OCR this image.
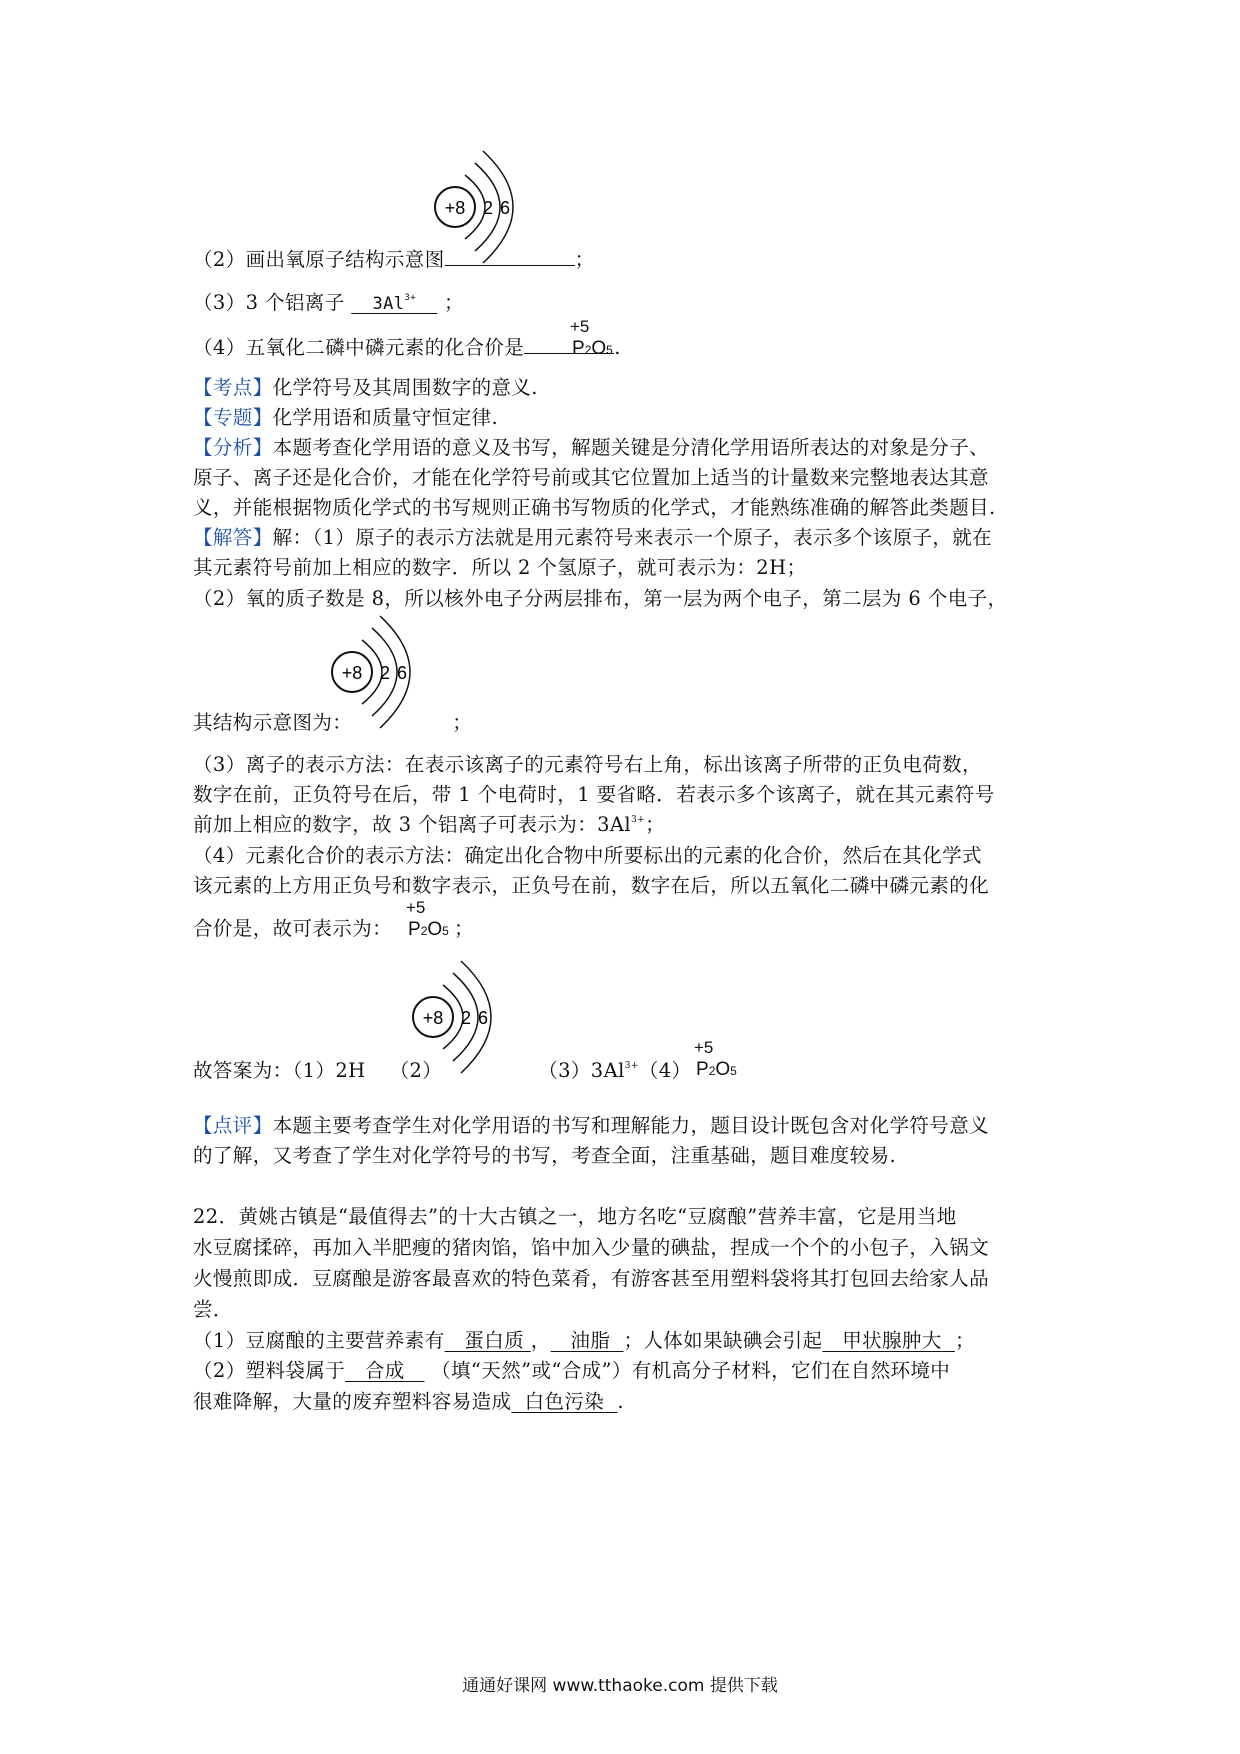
+8 2 6
（2）画出氧原子结构示意图	；
（3）3 个铝离子 $3Al^{3+}$ ；
（4）五氧化二磷中磷元素的化合价是	.
+5
P2O5
【考点】化学符号及其周围数字的意义.
【专题】化学用语和质量守恒定律.
【分析】本题考查化学用语的意义及书写，解题关键是分清化学用语所表达的对象是分子、
原子、离子还是化合价，才能在化学符号前或其它位置加上适当的计量数来完整地表达其意
义，并能根据物质化学式的书写规则正确书写物质的化学式，才能熟练准确的解答此类题目.
【解答】解：（1）原子的表示方法就是用元素符号来表示一个原子，表示多个该原子，就在
其元素符号前加上相应的数字．所以 2 个氢原子，就可表示为：2H；
（2）氧的质子数是 8，所以核外电子分两层排布，第一层为两个电子，第二层为 6 个电子，
+8 2 6
其结构示意图为：	；
（3）离子的表示方法：在表示该离子的元素符号右上角，标出该离子所带的正负电荷数，
数字在前，正负符号在后，带 1 个电荷时，1 要省略．若表示多个该离子，就在其元素符号
前加上相应的数字，故 3 个铝离子可表示为：$3Al^{3+}$；
（4）元素化合价的表示方法：确定出化合物中所要标出的元素的化合价，然后在其化学式
该元素的上方用正负号和数字表示，正负号在前，数字在后，所以五氧化二磷中磷元素的化
合价是，故可表示为：	；
+5
P2O5
+8 2 6
故答案为：（1）2H （2）	$(3)3Al^{3+}(4)$
+5
P2O5
【点评】本题主要考查学生对化学用语的书写和理解能力，题目设计既包含对化学符号意义
的了解，又考查了学生对化学符号的书写，考查全面，注重基础，题目难度较易.
22．黄姚古镇是“最值得去”的十大古镇之一，地方名吃“豆腐酿”营养丰富，它是用当地
水豆腐揉碎，再加入半肥瘦的猪肉馅，馅中加入少量的碘盐，捏成一个个的小包子，入锅文
火慢煎即成．豆腐酿是游客最喜欢的特色菜肴，有游客甚至用塑料袋将其打包回去给家人品
尝．
（1）豆腐酿的主要营养素有 蛋白质 ， 油脂 ；人体如果缺碘会引起 甲状腺肿大 ；
（2）塑料袋属于 合成 （填“天然”或“合成”）有机高分子材料，它们在自然环境中
很难降解，大量的废弃塑料容易造成 白色污染 .
通通好课网 www.tthaoke.com 提供下载
